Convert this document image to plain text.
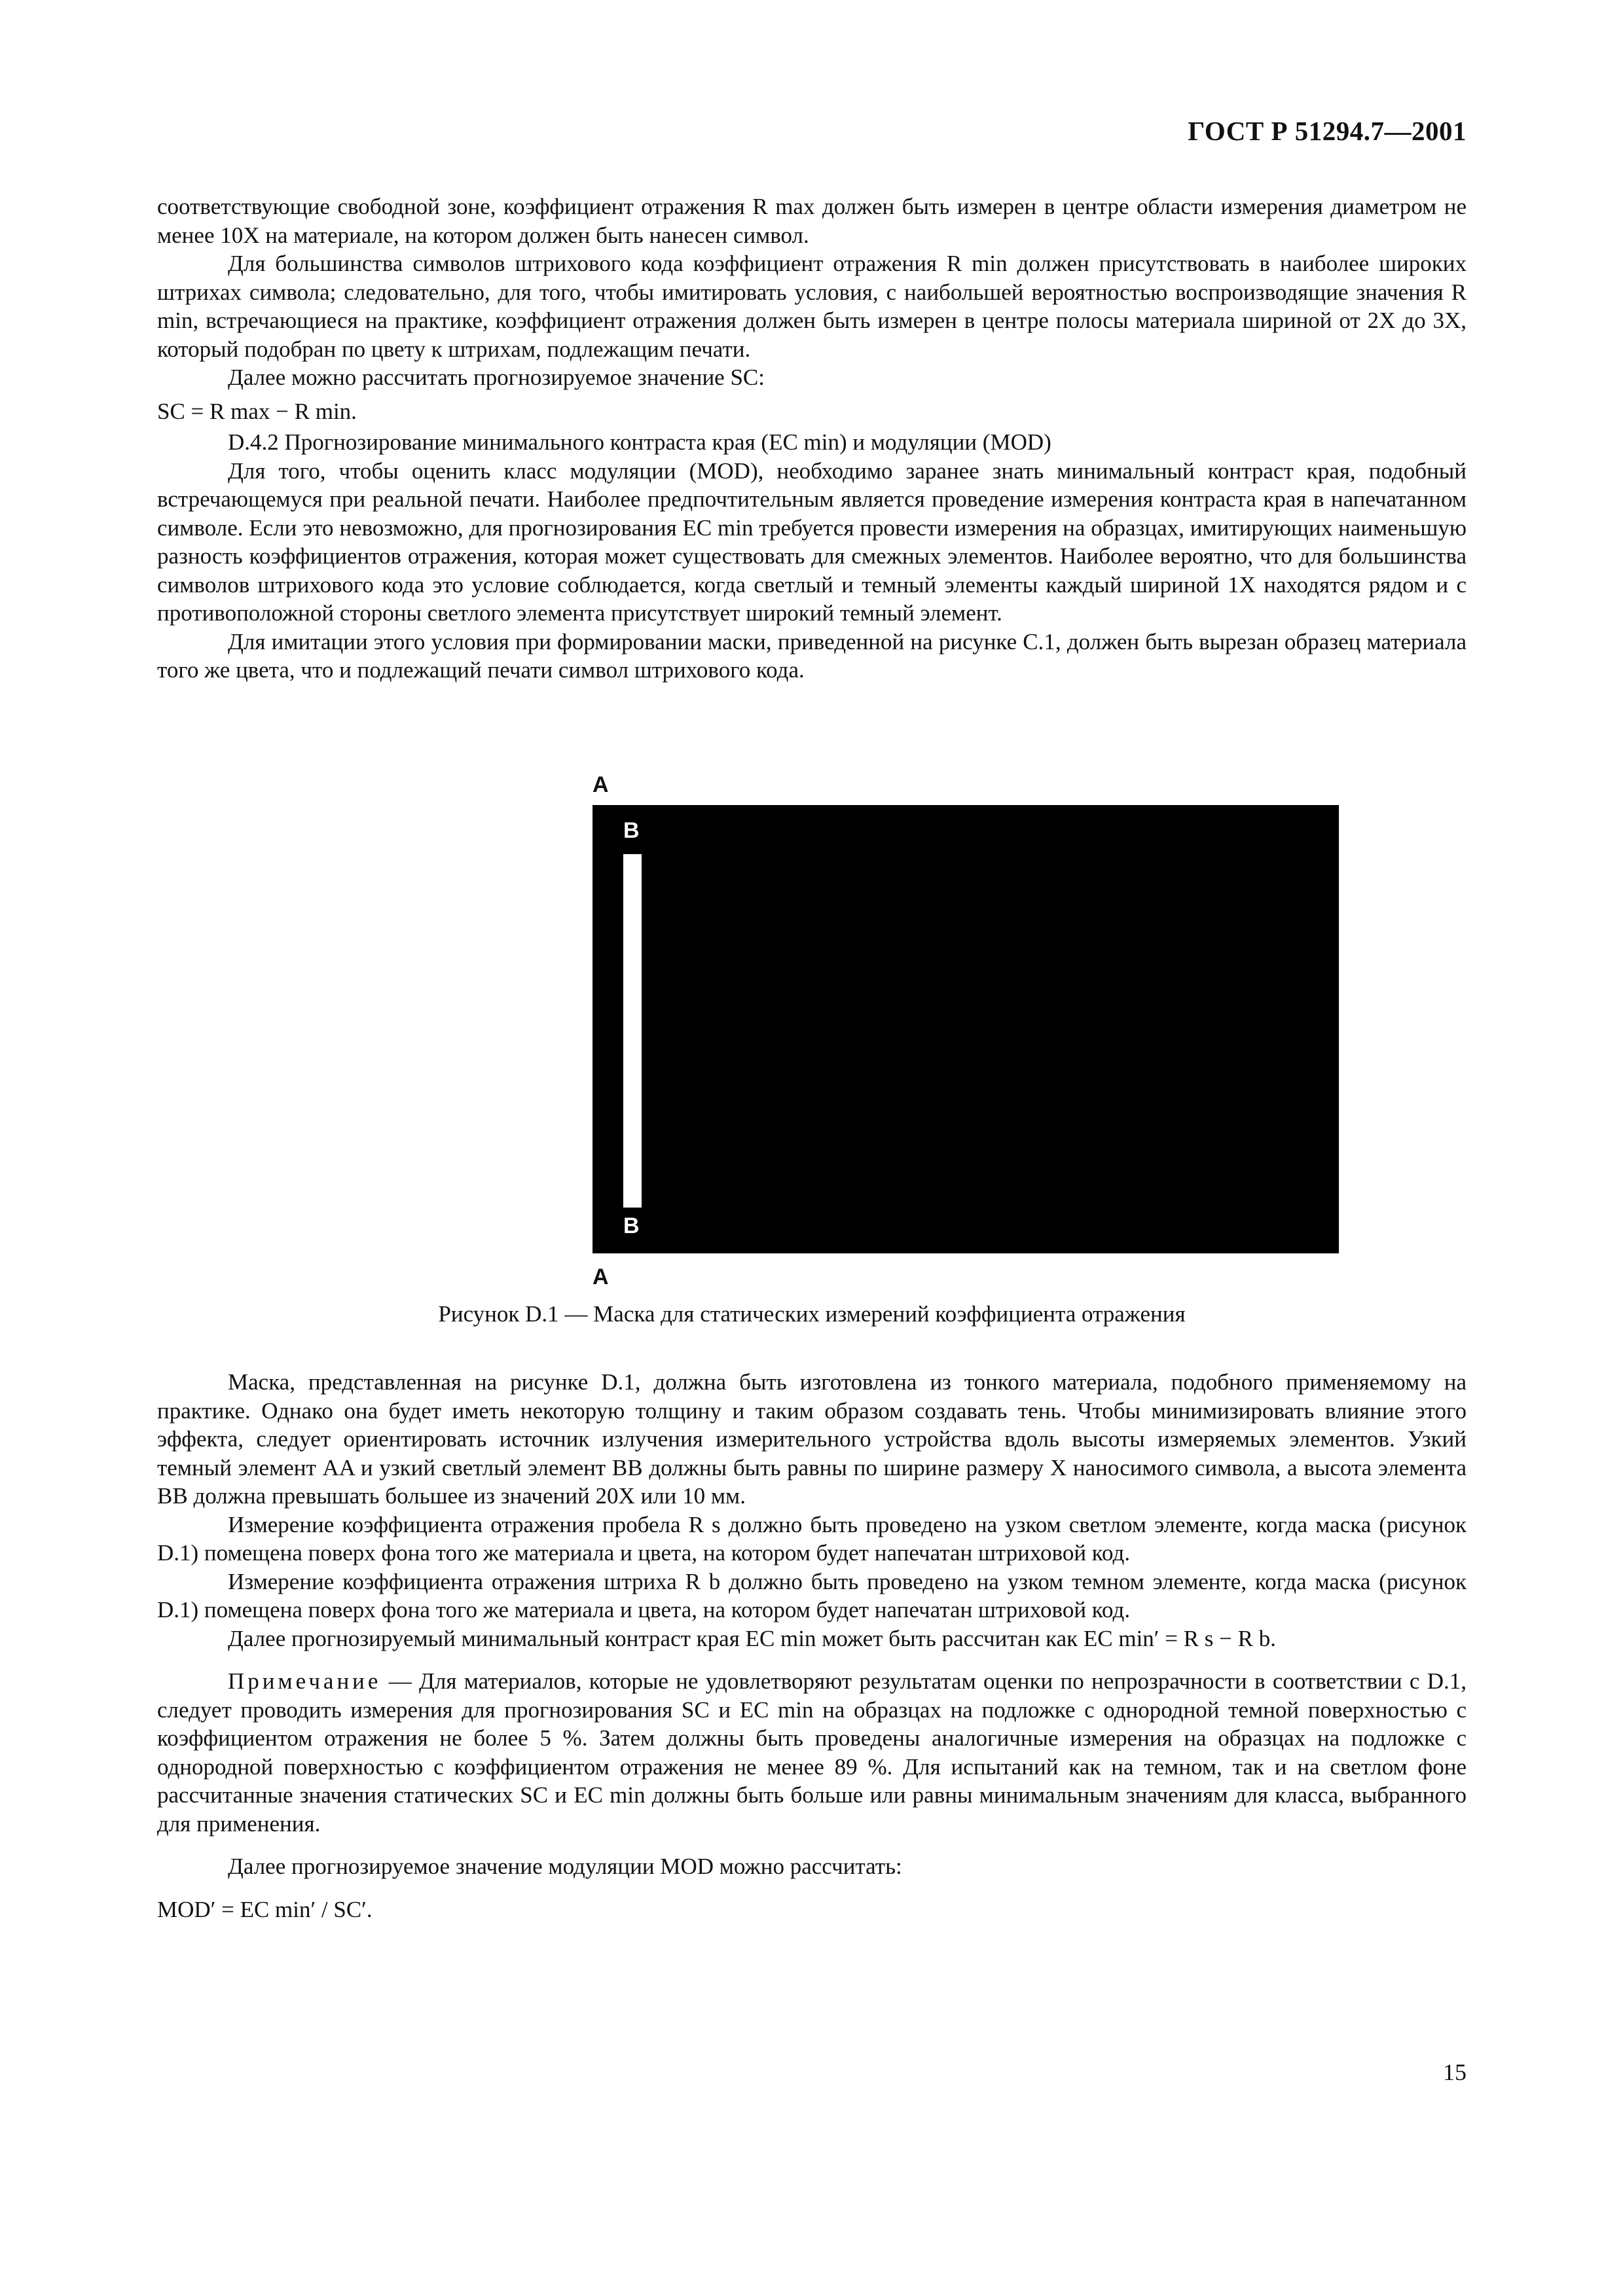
ГОСТ Р 51294.7—2001

соответствующие свободной зоне, коэффициент отражения R max должен быть измерен в центре области измерения диаметром не менее 10X на материале, на котором должен быть нанесен символ.

Для большинства символов штрихового кода коэффициент отражения R min должен присутствовать в наиболее широких штрихах символа; следовательно, для того, чтобы имитировать условия, с наибольшей вероятностью воспроизводящие значения R min, встречающиеся на практике, коэффициент отражения должен быть измерен в центре полосы материала шириной от 2X до 3X, который подобран по цвету к штрихам, подлежащим печати.

Далее можно рассчитать прогнозируемое значение SC:

SC = R max − R min.

D.4.2 Прогнозирование минимального контраста края (EC min) и модуляции (MOD)

Для того, чтобы оценить класс модуляции (MOD), необходимо заранее знать минимальный контраст края, подобный встречающемуся при реальной печати. Наиболее предпочтительным является проведение измерения контраста края в напечатанном символе. Если это невозможно, для прогнозирования EC min требуется провести измерения на образцах, имитирующих наименьшую разность коэффициентов отражения, которая может существовать для смежных элементов. Наиболее вероятно, что для большинства символов штрихового кода это условие соблюдается, когда светлый и темный элементы каждый шириной 1X находятся рядом и с противоположной стороны светлого элемента присутствует широкий темный элемент.

Для имитации этого условия при формировании маски, приведенной на рисунке С.1, должен быть вырезан образец материала того же цвета, что и подлежащий печати символ штрихового кода.

A
B
B
A
Рисунок D.1 — Маска для статических измерений коэффициента отражения

Маска, представленная на рисунке D.1, должна быть изготовлена из тонкого материала, подобного применяемому на практике. Однако она будет иметь некоторую толщину и таким образом создавать тень. Чтобы минимизировать влияние этого эффекта, следует ориентировать источник излучения измерительного устройства вдоль высоты измеряемых элементов. Узкий темный элемент AA и узкий светлый элемент BB должны быть равны по ширине размеру X наносимого символа, а высота элемента BB должна превышать большее из значений 20X или 10 мм.

Измерение коэффициента отражения пробела R s должно быть проведено на узком светлом элементе, когда маска (рисунок D.1) помещена поверх фона того же материала и цвета, на котором будет напечатан штриховой код.

Измерение коэффициента отражения штриха R b должно быть проведено на узком темном элементе, когда маска (рисунок D.1) помещена поверх фона того же материала и цвета, на котором будет напечатан штриховой код.

Далее прогнозируемый минимальный контраст края EC min может быть рассчитан как EC min′ = R s − R b.

Примечание — Для материалов, которые не удовлетворяют результатам оценки по непрозрачности в соответствии с D.1, следует проводить измерения для прогнозирования SC и EC min на образцах на подложке с однородной темной поверхностью с коэффициентом отражения не более 5 %. Затем должны быть проведены аналогичные измерения на образцах на подложке с однородной поверхностью с коэффициентом отражения не менее 89 %. Для испытаний как на темном, так и на светлом фоне рассчитанные значения статических SC и EC min должны быть больше или равны минимальным значениям для класса, выбранного для применения.

Далее прогнозируемое значение модуляции MOD можно рассчитать:

MOD′ = EC min′ / SC′.

15
